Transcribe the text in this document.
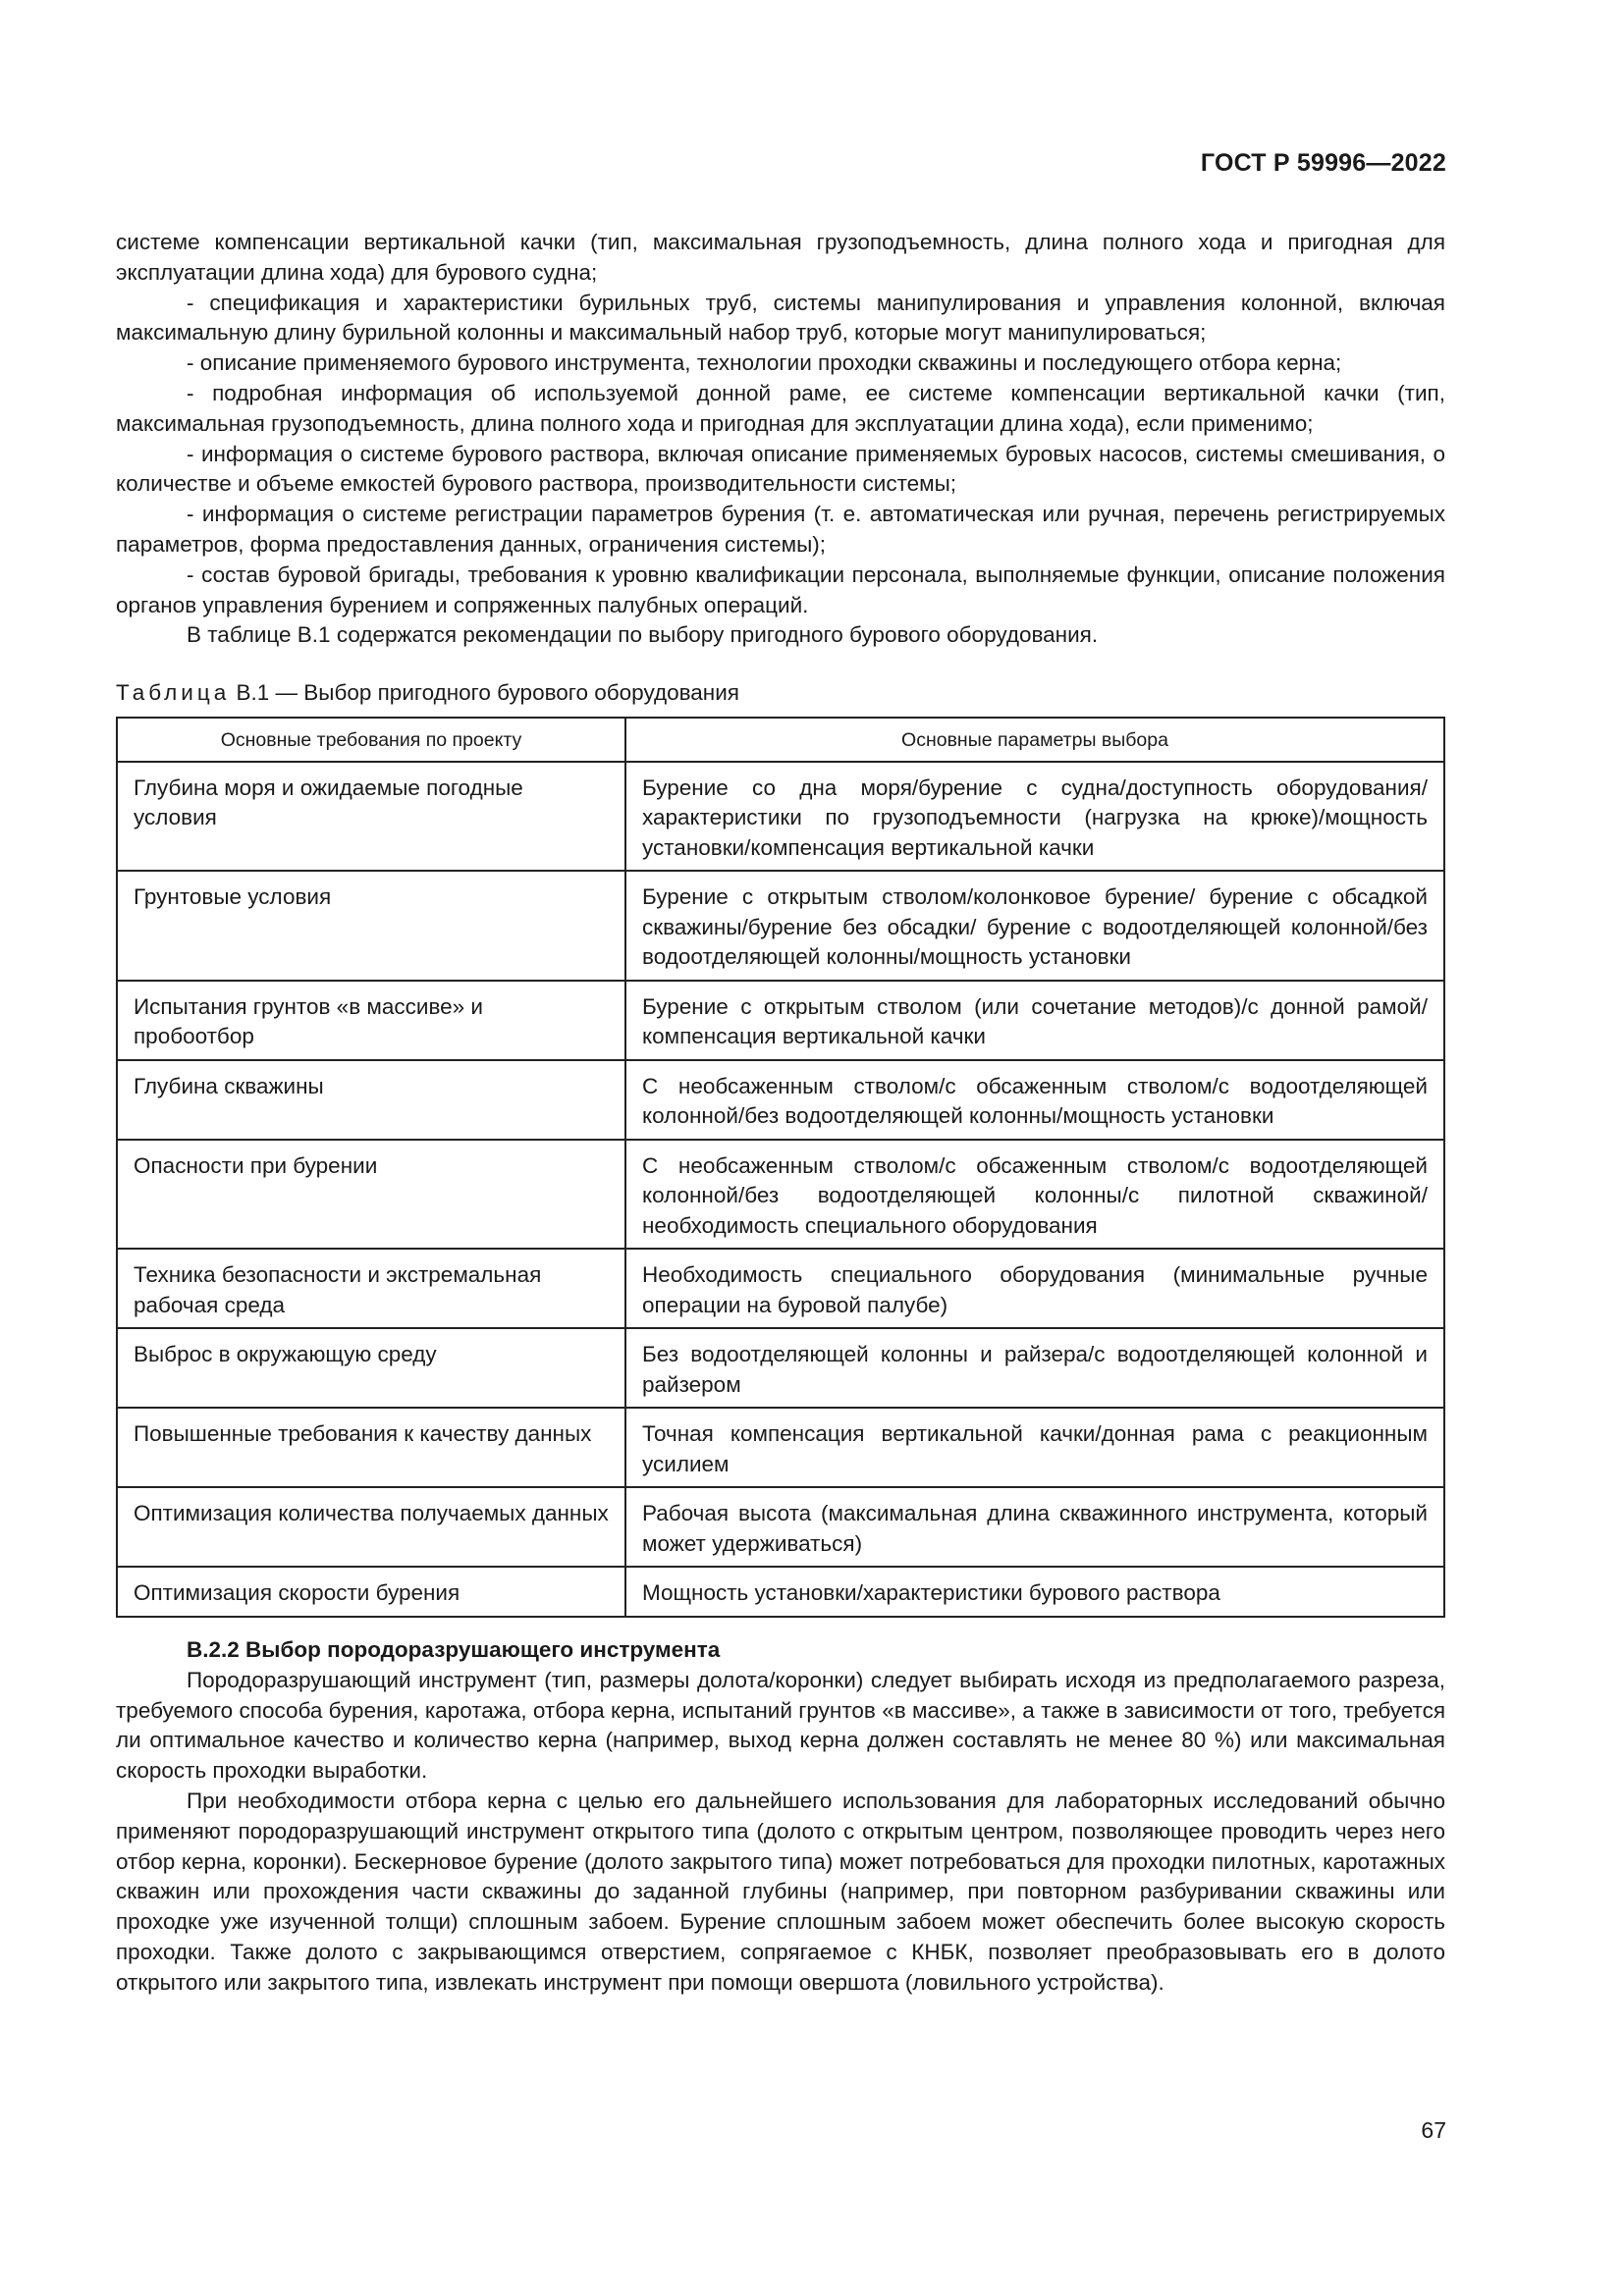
ГОСТ Р 59996—2022

системе компенсации вертикальной качки (тип, максимальная грузоподъемность, длина полного хода и пригодная для эксплуатации длина хода) для бурового судна;

- спецификация и характеристики бурильных труб, системы манипулирования и управления колонной, включая максимальную длину бурильной колонны и максимальный набор труб, которые могут манипулироваться;

- описание применяемого бурового инструмента, технологии проходки скважины и последующего отбора керна;

- подробная информация об используемой донной раме, ее системе компенсации вертикальной качки (тип, максимальная грузоподъемность, длина полного хода и пригодная для эксплуатации длина хода), если применимо;

- информация о системе бурового раствора, включая описание применяемых буровых насосов, системы смешивания, о количестве и объеме емкостей бурового раствора, производительности системы;

- информация о системе регистрации параметров бурения (т. е. автоматическая или ручная, перечень регистрируемых параметров, форма предоставления данных, ограничения системы);

- состав буровой бригады, требования к уровню квалификации персонала, выполняемые функции, описание положения органов управления бурением и сопряженных палубных операций.

В таблице В.1 содержатся рекомендации по выбору пригодного бурового оборудования.

Таблица В.1 — Выбор пригодного бурового оборудования
Основные требования по проекту	Основные параметры выбора
Глубина моря и ожидаемые погодные условия	Бурение со дна моря/бурение с судна/доступность оборудования/характеристики по грузоподъемности (нагрузка на крюке)/мощность установки/компенсация вертикальной качки
Грунтовые условия	Бурение с открытым стволом/колонковое бурение/ бурение с обсадкой скважины/бурение без обсадки/ бурение с водоотделяющей колонной/без водоотделяющей колонны/мощность установки
Испытания грунтов «в массиве» и пробоотбор	Бурение с открытым стволом (или сочетание методов)/с донной рамой/ компенсация вертикальной качки
Глубина скважины	С необсаженным стволом/с обсаженным стволом/с водоотделяющей колонной/без водоотделяющей колонны/мощность установки
Опасности при бурении	С необсаженным стволом/с обсаженным стволом/с водоотделяющей колонной/без водоотделяющей колонны/с пилотной скважиной/необходимость специального оборудования
Техника безопасности и экстремальная рабочая среда	Необходимость специального оборудования (минимальные ручные операции на буровой палубе)
Выброс в окружающую среду	Без водоотделяющей колонны и райзера/с водоотделяющей колонной и райзером
Повышенные требования к качеству данных	Точная компенсация вертикальной качки/донная рама с реакционным усилием
Оптимизация количества получаемых данных	Рабочая высота (максимальная длина скважинного инструмента, который может удерживаться)
Оптимизация скорости бурения	Мощность установки/характеристики бурового раствора

В.2.2 Выбор породоразрушающего инструмента

Породоразрушающий инструмент (тип, размеры долота/коронки) следует выбирать исходя из предполагаемого разреза, требуемого способа бурения, каротажа, отбора керна, испытаний грунтов «в массиве», а также в зависимости от того, требуется ли оптимальное качество и количество керна (например, выход керна должен составлять не менее 80 %) или максимальная скорость проходки выработки.

При необходимости отбора керна с целью его дальнейшего использования для лабораторных исследований обычно применяют породоразрушающий инструмент открытого типа (долото с открытым центром, позволяющее проводить через него отбор керна, коронки). Бескерновое бурение (долото закрытого типа) может потребоваться для проходки пилотных, каротажных скважин или прохождения части скважины до заданной глубины (например, при повторном разбуривании скважины или проходке уже изученной толщи) сплошным забоем. Бурение сплошным забоем может обеспечить более высокую скорость проходки. Также долото с закрывающимся отверстием, сопрягаемое с КНБК, позволяет преобразовывать его в долото открытого или закрытого типа, извлекать инструмент при помощи овершота (ловильного устройства).

67
